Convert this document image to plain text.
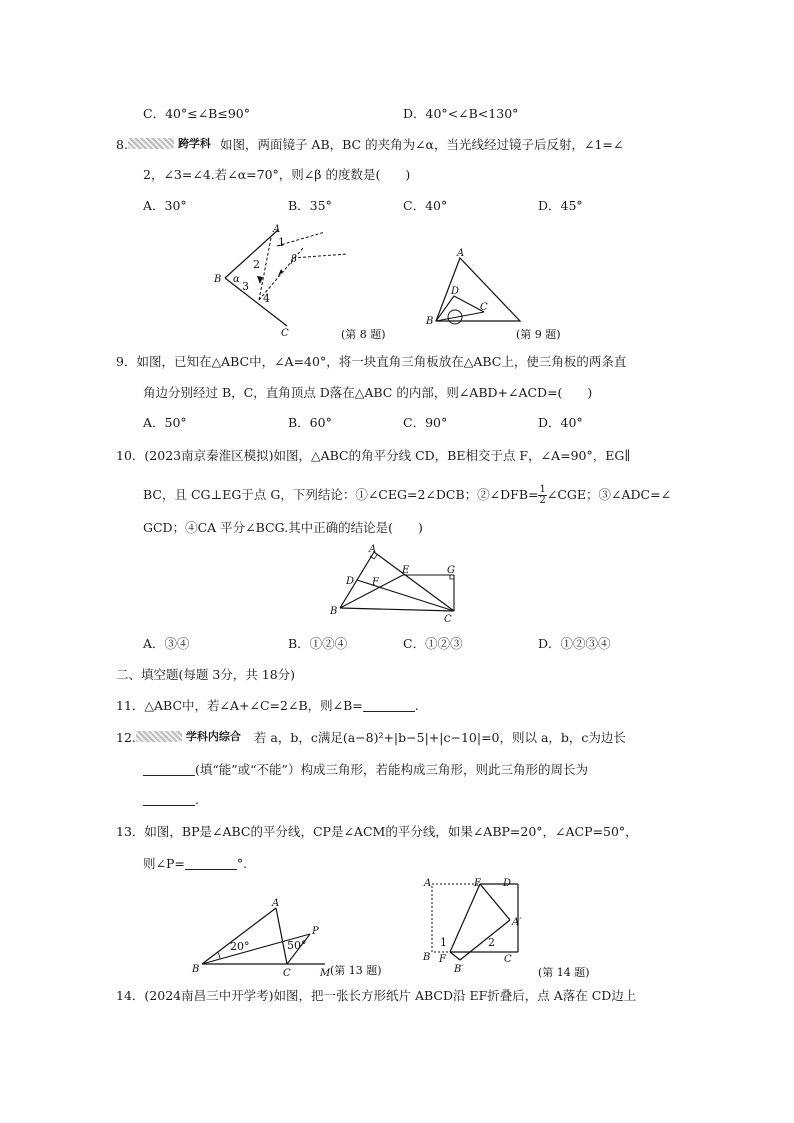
C．40°≤∠B≤90°	D．40°<∠B<130°
8.	跨学科 如图，两面镜子 AB，BC 的夹角为∠α，当光线经过镜子后反射，∠1=∠
2，∠3=∠4.若∠α=70°，则∠β 的度数是(　　)
A．30°	B．35°	C．40°	D．45°
A
B
C
α
β
1
2
3
4
(第 8 题)
A
B
C
D
(第 9 题)
9．如图，已知在△ABC中，∠A=40°，将一块直角三角板放在△ABC上，使三角板的两条直
角边分别经过 B，C，直角顶点 D落在△ABC 的内部，则∠ABD+∠ACD=(　　)
A．50°	B．60°	C．90°	D．40°
10．(2023南京秦淮区模拟)如图，△ABC的角平分线 CD，BE相交于点 F，∠A=90°，EG∥
BC，且 CG⊥EG于点 G，下列结论：①∠CEG=2∠DCB；②∠DFB= $\frac{1}{2}$ ∠CGE；③∠ADC=∠
GCD；④CA 平分∠BCG.其中正确的结论是(　　)
A
B
C
D
E
F
G
A．③④	B．①②④	C．①②③	D．①②③④
二、填空题(每题 3分，共 18分)
11．△ABC中，若∠A+∠C=2∠B，则∠B=	.
12.	学科内综合 若 a，b，c满足(a−8)²+|b−5|+|c−10|=0，则以 a，b，c为边长
(填“能”或“不能”）构成三角形，若能构成三角形，则此三角形的周长为
.
13．如图，BP是∠ABC的平分线，CP是∠ACM的平分线，如果∠ABP=20°，∠ACP=50°，
则∠P=	°.
A
B	C	M
P
20°	50°
(第 13 题)
A
B	C
D
E
F
A′
B′
1	2
(第 14 题)
14．(2024南昌三中开学考)如图，把一张长方形纸片 ABCD沿 EF折叠后，点 A落在 CD边上
